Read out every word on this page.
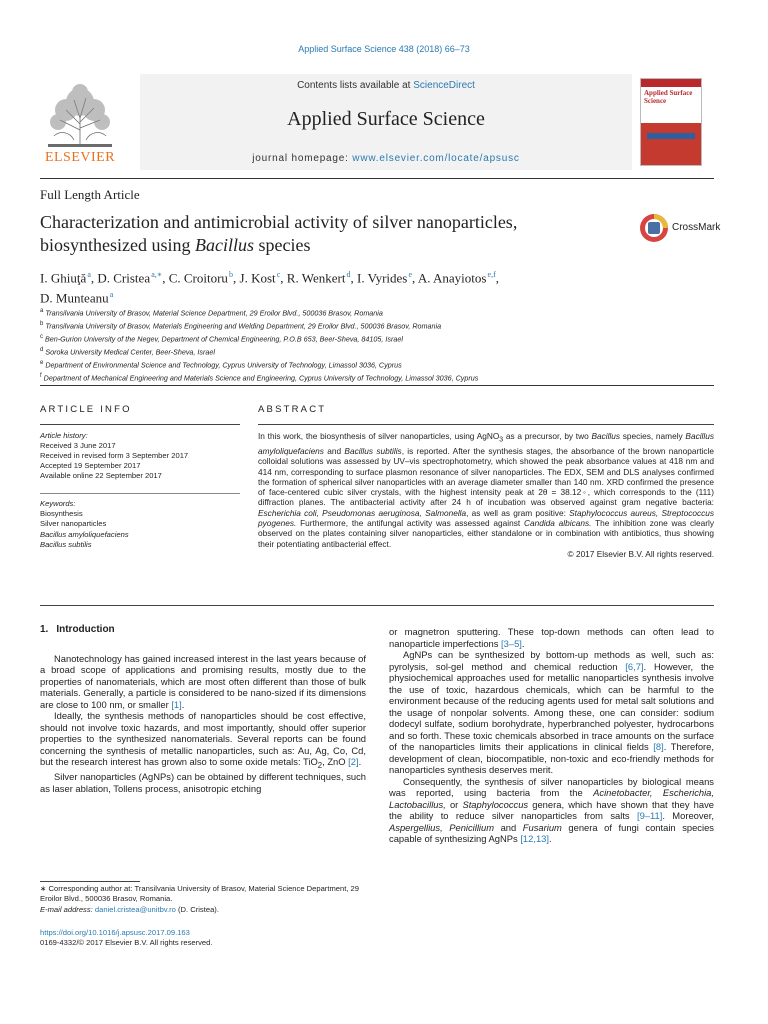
Applied Surface Science 438 (2018) 66–73
Contents lists available at ScienceDirect
Applied Surface Science
journal homepage: www.elsevier.com/locate/apsusc
ELSEVIER
Applied Surface Science
Full Length Article
Characterization and antimicrobial activity of silver nanoparticles,
biosynthesized using Bacillus species
CrossMark
I. Ghiuţă $^a$, D. Cristea $^{a,∗}$, C. Croitoru $^b$, J. Kost $^c$, R. Wenkert $^d$, I. Vyrides $^e$, A. Anayiotos $^{e,f}$,
D. Munteanu $^a$
$^a$ Transilvania University of Brasov, Material Science Department, 29 Eroilor Blvd., 500036 Brasov, Romania
$^b$ Transilvania University of Brasov, Materials Engineering and Welding Department, 29 Eroilor Blvd., 500036 Brasov, Romania
$^c$ Ben-Gurion University of the Negev, Department of Chemical Engineering, P.O.B 653, Beer-Sheva, 84105, Israel
$^d$ Soroka University Medical Center, Beer-Sheva, Israel
$^e$ Department of Environmental Science and Technology, Cyprus University of Technology, Limassol 3036, Cyprus
$^f$ Department of Mechanical Engineering and Materials Science and Engineering, Cyprus University of Technology, Limassol 3036, Cyprus
ARTICLE INFO
Article history:
Received 3 June 2017
Received in revised form 3 September 2017
Accepted 19 September 2017
Available online 22 September 2017
Keywords:
Biosynthesis
Silver nanoparticles
Bacillus amyloliquefaciens
Bacillus subtilis
ABSTRACT

In this work, the biosynthesis of silver nanoparticles, using AgNO$_3$ as a precursor, by two Bacillus species, namely Bacillus amyloliquefaciens and Bacillus subtilis, is reported. After the synthesis stages, the absorbance of the brown nanoparticle colloidal solutions was assessed by UV–vis spectrophotometry, which showed the peak absorbance values at 418 nm and 414 nm, corresponding to surface plasmon resonance of silver nanoparticles. The EDX, SEM and DLS analyses confirmed the formation of spherical silver nanoparticles with an average diameter smaller than 140 nm. XRD confirmed the presence of face-centered cubic silver crystals, with the highest intensity peak at 2θ = 38.12◦, which corresponds to the (111) diffraction planes. The antibacterial activity after 24 h of incubation was observed against gram negative bacteria: Escherichia coli, Pseudomonas aeruginosa, Salmonella, as well as gram positive: Staphylococcus aureus, Streptococcus pyogenes. Furthermore, the antifungal activity was assessed against Candida albicans. The inhibition zone was clearly observed on the plates containing silver nanoparticles, either standalone or in combination with antibiotics, thus showing their potentiating antibacterial effect.

© 2017 Elsevier B.V. All rights reserved.

1. Introduction

Nanotechnology has gained increased interest in the last years because of a broad scope of applications and promising results, mostly due to the properties of nanomaterials, which are most often different than those of bulk materials. Generally, a particle is considered to be nano-sized if its dimensions are close to 100 nm, or smaller [1].

Ideally, the synthesis methods of nanoparticles should be cost effective, should not involve toxic hazards, and most importantly, should offer superior properties to the synthesized nanomaterials. Several reports can be found concerning the synthesis of metallic nanoparticles, such as: Au, Ag, Co, Cd, but the research interest has grown also to some oxide metals: TiO$_2$, ZnO [2].

Silver nanoparticles (AgNPs) can be obtained by different techniques, such as laser ablation, Tollens process, anisotropic etching

or magnetron sputtering. These top-down methods can often lead to nanoparticle imperfections [3–5].

AgNPs can be synthesized by bottom-up methods as well, such as: pyrolysis, sol-gel method and chemical reduction [6,7]. However, the physiochemical approaches used for metallic nanoparticles synthesis involve the use of toxic, hazardous chemicals, which can be harmful to the environment because of the reducing agents used for metal salt solutions and the usage of nonpolar solvents. Among these, one can consider: sodium dodecyl sulfate, sodium borohydrate, hyperbranched polyester, hydrocarbons and so forth. These toxic chemicals absorbed in trace amounts on the surface of the nanoparticles limits their applications in clinical fields [8]. Therefore, development of clean, biocompatible, non-toxic and eco-friendly methods for nanoparticles synthesis deserves merit.

Consequently, the synthesis of silver nanoparticles by biological means was reported, using bacteria from the Acinetobacter, Escherichia, Lactobacillus, or Staphylococcus genera, which have shown that they have the ability to reduce silver nanoparticles from salts [9–11]. Moreover, Aspergellius, Penicillium and Fusarium genera of fungi contain species capable of synthesizing AgNPs [12,13].

∗ Corresponding author at: Transilvania University of Brasov, Material Science Department, 29 Eroilor Blvd., 500036 Brasov, Romania.
E-mail address: daniel.cristea@unitbv.ro (D. Cristea).
https://doi.org/10.1016/j.apsusc.2017.09.163
0169-4332/© 2017 Elsevier B.V. All rights reserved.
